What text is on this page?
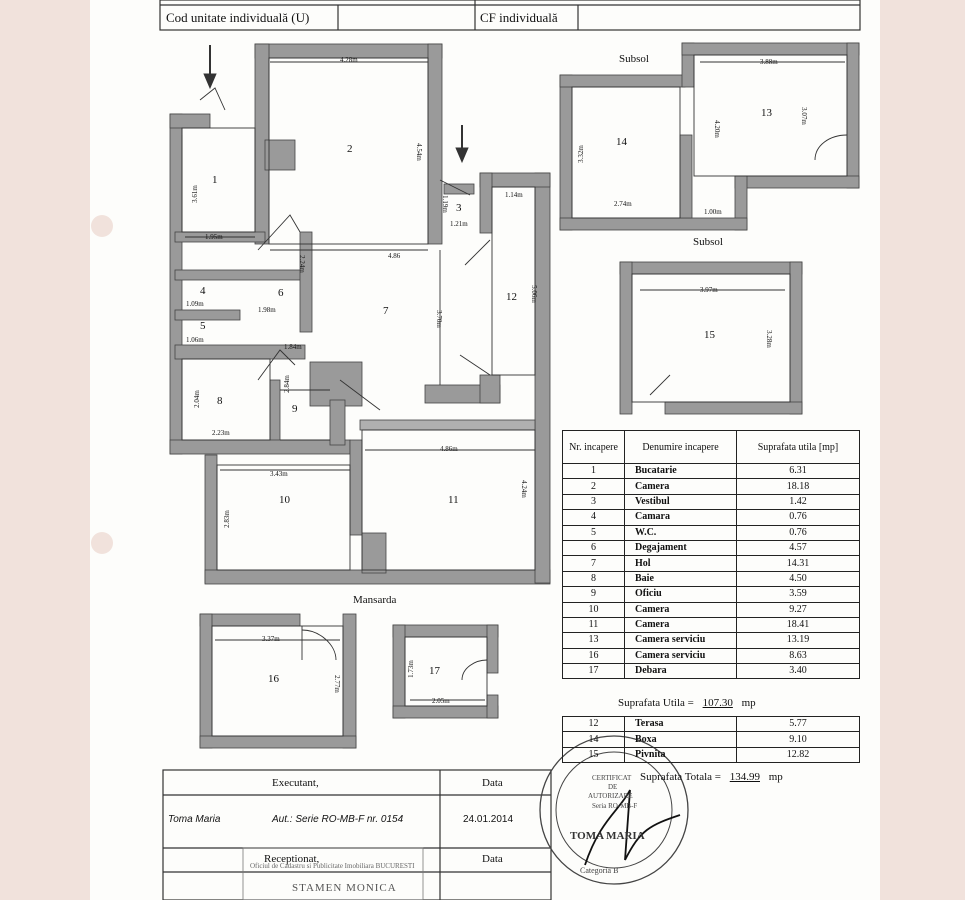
Cod unitate individuală (U)	CF individuală
Subsol
Subsol
Mansarda
1
2
3
4
5
6
7
8
9
10	11
12
13
14
15
16
17
4.28m
3.61m
1.95m
4.54m
1.19m
1.21m
1.14m
4.86
3.70m
5.06m
2.24m
1.98m
1.09m
1.06m
1.84m
2.04m
2.23m
2.84m
3.43m
2.83m
4.86m
4.24m
3.88m
4.20m
3.07m
3.32m
2.74m
1.00m
3.97m
3.28m
3.37m
2.77m
1.73m
2.05m
Nr. incapere	Denumire incapere	Suprafata utila [mp]
1	Bucatarie	6.31
2	Camera	18.18
3	Vestibul	1.42
4	Camara	0.76
5	W.C.	0.76
6	Degajament	4.57
7	Hol	14.31
8	Baie	4.50
9	Oficiu	3.59
10	Camera	9.27
11	Camera	18.41
13	Camera serviciu	13.19
16	Camera serviciu	8.63
17	Debara	3.40
Suprafata Utila = 107.30 mp
12	Terasa	5.77
14	Boxa	9.10
15	Pivnita	12.82
Suprafata Totala = 134.99 mp
Executant,	Data
Toma Maria	Aut.: Serie RO-MB-F nr. 0154	24.01.2014
Receptionat,	Data
Oficiul de Cadastru si Publicitate Imobiliara BUCURESTI
STAMEN MONICA
CERTIFICAT
DE
AUTORIZARE
Seria RO-MB-F
TOMA MARIA
Categoria B
